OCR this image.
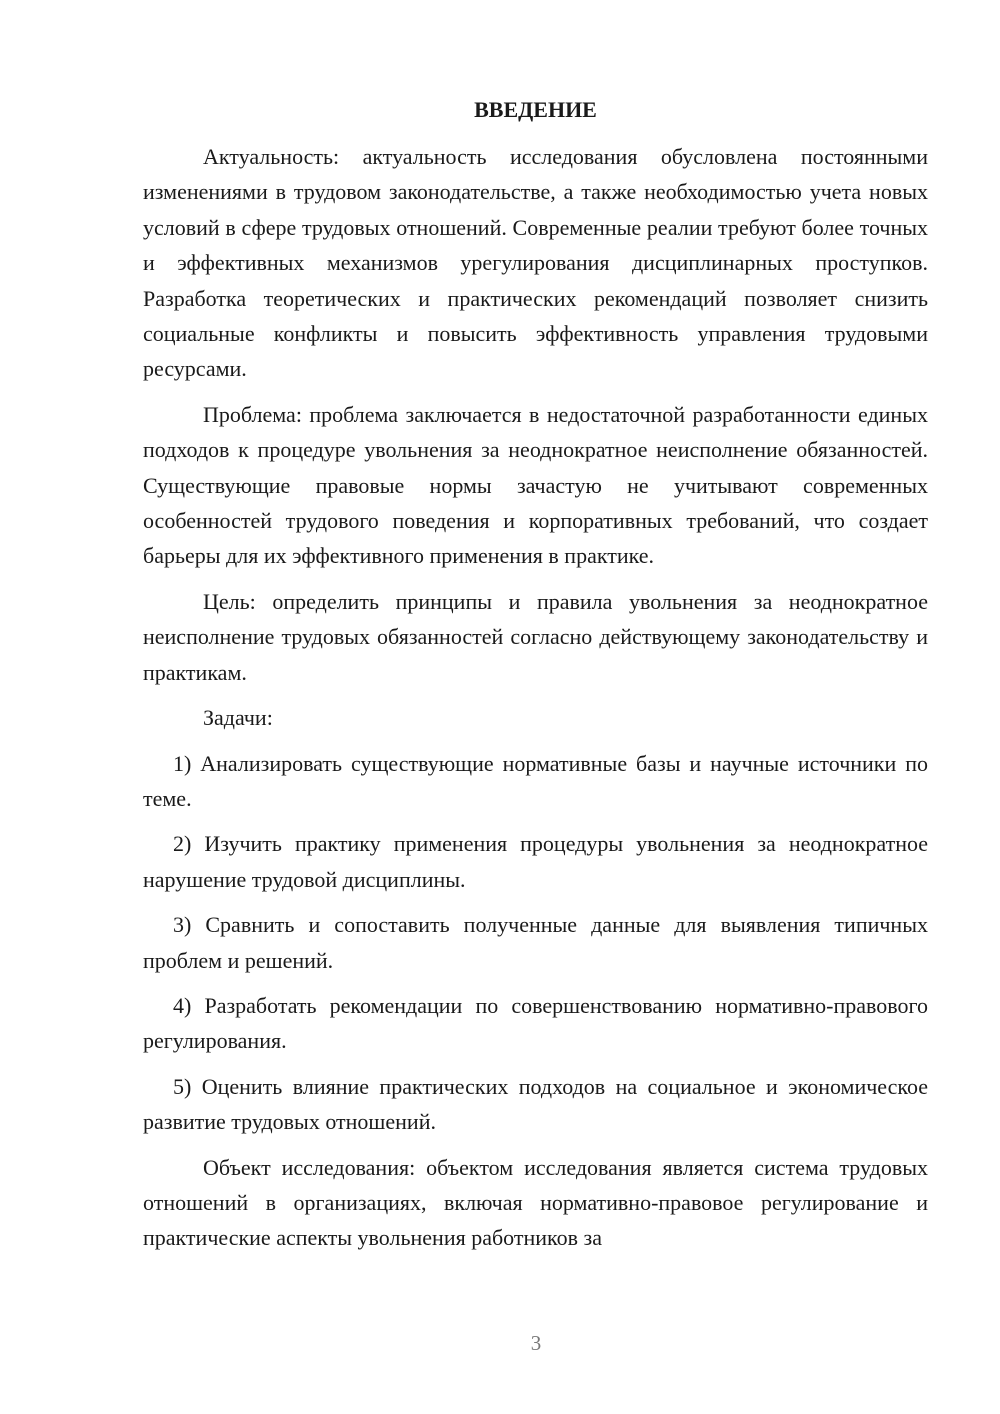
ВВЕДЕНИЕ

Актуальность: актуальность исследования обусловлена постоянными изменениями в трудовом законодательстве, а также необходимостью учета новых условий в сфере трудовых отношений. Современные реалии требуют более точных и эффективных механизмов урегулирования дисциплинарных проступков. Разработка теоретических и практических рекомендаций позволяет снизить социальные конфликты и повысить эффективность управления трудовыми ресурсами.

Проблема: проблема заключается в недостаточной разработанности единых подходов к процедуре увольнения за неоднократное неисполнение обязанностей. Существующие правовые нормы зачастую не учитывают современных особенностей трудового поведения и корпоративных требований, что создает барьеры для их эффективного применения в практике.

Цель: определить принципы и правила увольнения за неоднократное неисполнение трудовых обязанностей согласно действующему законодательству и практикам.

Задачи:

1) Анализировать существующие нормативные базы и научные источники по теме.

2) Изучить практику применения процедуры увольнения за неоднократное нарушение трудовой дисциплины.

3) Сравнить и сопоставить полученные данные для выявления типичных проблем и решений.

4) Разработать рекомендации по совершенствованию нормативно-правового регулирования.

5) Оценить влияние практических подходов на социальное и экономическое развитие трудовых отношений.

Объект исследования: объектом исследования является система трудовых отношений в организациях, включая нормативно-правовое регулирование и практические аспекты увольнения работников за

3
